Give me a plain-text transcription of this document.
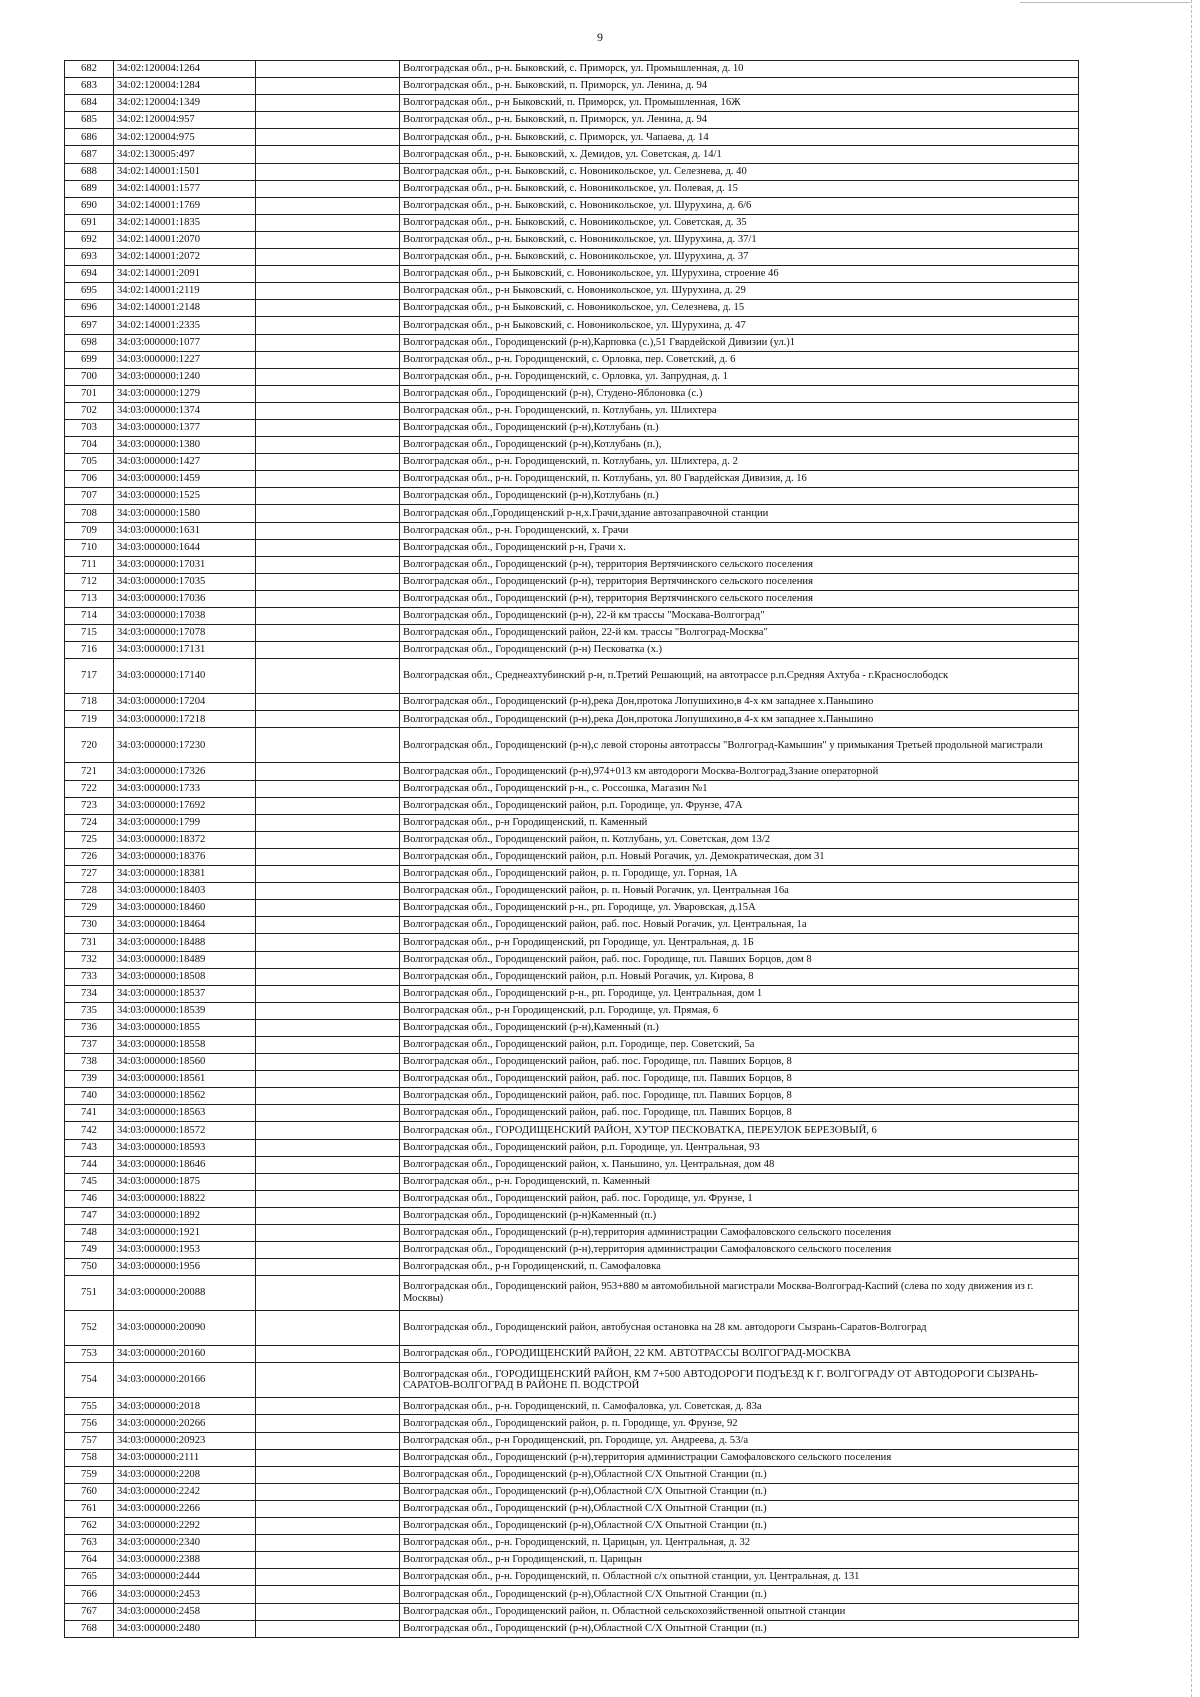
9
682	34:02:120004:1264		Волгоградская обл., р-н. Быковский, с. Приморск, ул. Промышленная, д. 10
683	34:02:120004:1284		Волгоградская обл., р-н. Быковский, п. Приморск, ул. Ленина, д. 94
684	34:02:120004:1349		Волгоградская обл., р-н Быковский, п. Приморск, ул. Промышленная, 16Ж
685	34:02:120004:957		Волгоградская обл., р-н. Быковский, п. Приморск, ул. Ленина, д. 94
686	34:02:120004:975		Волгоградская обл., р-н. Быковский, с. Приморск, ул. Чапаева, д. 14
687	34:02:130005:497		Волгоградская обл., р-н. Быковский, х. Демидов, ул. Советская, д. 14/1
688	34:02:140001:1501		Волгоградская обл., р-н. Быковский, с. Новоникольское, ул. Селезнева, д. 40
689	34:02:140001:1577		Волгоградская обл., р-н. Быковский, с. Новоникольское, ул. Полевая, д. 15
690	34:02:140001:1769		Волгоградская обл., р-н. Быковский, с. Новоникольское, ул. Шурухина, д. 6/6
691	34:02:140001:1835		Волгоградская обл., р-н. Быковский, с. Новоникольское, ул. Советская, д. 35
692	34:02:140001:2070		Волгоградская обл., р-н. Быковский, с. Новоникольское, ул. Шурухина, д. 37/1
693	34:02:140001:2072		Волгоградская обл., р-н. Быковский, с. Новоникольское, ул. Шурухина, д. 37
694	34:02:140001:2091		Волгоградская обл., р-н Быковский, с. Новоникольское, ул. Шурухина, строение 46
695	34:02:140001:2119		Волгоградская обл., р-н Быковский, с. Новоникольское, ул. Шурухина, д. 29
696	34:02:140001:2148		Волгоградская обл., р-н Быковский, с. Новоникольское, ул. Селезнева, д. 15
697	34:02:140001:2335		Волгоградская обл., р-н Быковский, с. Новоникольское, ул. Шурухина, д. 47
698	34:03:000000:1077		Волгоградская обл., Городищенский (р-н),Карповка (с.),51 Гвардейской Дивизии (ул.)1
699	34:03:000000:1227		Волгоградская обл., р-н. Городищенский, с. Орловка, пер. Советский, д. 6
700	34:03:000000:1240		Волгоградская обл., р-н. Городищенский, с. Орловка, ул. Запрудная, д. 1
701	34:03:000000:1279		Волгоградская обл., Городищенский (р-н), Студено-Яблоновка (с.)
702	34:03:000000:1374		Волгоградская обл., р-н. Городищенский, п. Котлубань, ул. Шлихтера
703	34:03:000000:1377		Волгоградская обл., Городищенский (р-н),Котлубань (п.)
704	34:03:000000:1380		Волгоградская обл., Городищенский (р-н),Котлубань (п.),
705	34:03:000000:1427		Волгоградская обл., р-н. Городищенский, п. Котлубань, ул. Шлихтера, д. 2
706	34:03:000000:1459		Волгоградская обл., р-н. Городищенский, п. Котлубань, ул. 80 Гвардейская Дивизия, д. 16
707	34:03:000000:1525		Волгоградская обл., Городищенский (р-н),Котлубань (п.)
708	34:03:000000:1580		Волгоградская обл.,Городищенский р-н,х.Грачи,здание автозаправочной станции
709	34:03:000000:1631		Волгоградская обл., р-н. Городищенский, х. Грачи
710	34:03:000000:1644		Волгоградская обл., Городищенский р-н, Грачи х.
711	34:03:000000:17031		Волгоградская обл., Городищенский (р-н), территория Вертячинского сельского поселения
712	34:03:000000:17035		Волгоградская обл., Городищенский (р-н), территория Вертячинского сельского поселения
713	34:03:000000:17036		Волгоградская обл., Городищенский (р-н), территория Вертячинского сельского поселения
714	34:03:000000:17038		Волгоградская обл., Городищенский (р-н), 22-й км трассы "Москава-Волгоград"
715	34:03:000000:17078		Волгоградская обл., Городищенский район, 22-й км. трассы "Волгоград-Москва"
716	34:03:000000:17131		Волгоградская обл., Городищенский (р-н) Песковатка (х.)
717	34:03:000000:17140		Волгоградская обл., Среднеахтубинский р-н, п.Третий Решающий, на автотрассе р.п.Средняя Ахтуба - г.Краснослободск
718	34:03:000000:17204		Волгоградская обл., Городищенский (р-н),река Дон,протока Лопушихино,в 4-х км западнее х.Паньшино
719	34:03:000000:17218		Волгоградская обл., Городищенский (р-н),река Дон,протока Лопушихино,в 4-х км западнее х.Паньшино
720	34:03:000000:17230		Волгоградская обл., Городищенский (р-н),с левой стороны автотрассы "Волгоград-Камышин" у примыкания Третьей продольной магистрали
721	34:03:000000:17326		Волгоградская обл., Городищенский (р-н),974+013 км автодороги Москва-Волгоград,Ззание операторной
722	34:03:000000:1733		Волгоградская обл., Городищенский р-н., с. Россошка, Магазин №1
723	34:03:000000:17692		Волгоградская обл., Городищенский район, р.п. Городище, ул. Фрунзе, 47А
724	34:03:000000:1799		Волгоградская обл., р-н Городищенский, п. Каменный
725	34:03:000000:18372		Волгоградская обл., Городищенский район, п. Котлубань, ул. Советская, дом 13/2
726	34:03:000000:18376		Волгоградская обл., Городищенский район, р.п. Новый Рогачик, ул. Демократическая, дом 31
727	34:03:000000:18381		Волгоградская обл., Городищенский район, р. п. Городище, ул. Горная, 1А
728	34:03:000000:18403		Волгоградская обл., Городищенский район, р. п. Новый Рогачик, ул. Центральная 16а
729	34:03:000000:18460		Волгоградская обл., Городищенский р-н., рп. Городище, ул. Уваровская, д.15А
730	34:03:000000:18464		Волгоградская обл., Городищенский район, раб. пос. Новый Рогачик, ул. Центральная, 1а
731	34:03:000000:18488		Волгоградская обл., р-н Городищенский, рп Городище, ул. Центральная, д. 1Б
732	34:03:000000:18489		Волгоградская обл., Городищенский район, раб. пос. Городище, пл. Павших Борцов, дом 8
733	34:03:000000:18508		Волгоградская обл., Городищенский район, р.п. Новый Рогачик, ул. Кирова, 8
734	34:03:000000:18537		Волгоградская обл., Городищенский р-н., рп. Городище, ул. Центральная, дом 1
735	34:03:000000:18539		Волгоградская обл., р-н Городищенский, р.п. Городище, ул. Прямая, 6
736	34:03:000000:1855		Волгоградская обл., Городищенский (р-н),Каменный (п.)
737	34:03:000000:18558		Волгоградская обл., Городищенский район, р.п. Городище, пер. Советский, 5а
738	34:03:000000:18560		Волгоградская обл., Городищенский район, раб. пос. Городище, пл. Павших Борцов, 8
739	34:03:000000:18561		Волгоградская обл., Городищенский район, раб. пос. Городище, пл. Павших Борцов, 8
740	34:03:000000:18562		Волгоградская обл., Городищенский район, раб. пос. Городище, пл. Павших Борцов, 8
741	34:03:000000:18563		Волгоградская обл., Городищенский район, раб. пос. Городище, пл. Павших Борцов, 8
742	34:03:000000:18572		Волгоградская обл., ГОРОДИЩЕНСКИЙ РАЙОН, ХУТОР ПЕСКОВАТКА, ПЕРЕУЛОК БЕРЕЗОВЫЙ, 6
743	34:03:000000:18593		Волгоградская обл., Городищенский район, р.п. Городище, ул. Центральная, 93
744	34:03:000000:18646		Волгоградская обл., Городищенский район, х. Паньшино, ул. Центральная, дом 48
745	34:03:000000:1875		Волгоградская обл., р-н. Городищенский, п. Каменный
746	34:03:000000:18822		Волгоградская обл., Городищенский район, раб. пос. Городище, ул. Фрунзе, 1
747	34:03:000000:1892		Волгоградская обл., Городищенский (р-н)Каменный (п.)
748	34:03:000000:1921		Волгоградская обл., Городищенский (р-н),территория администрации Самофаловского сельского поселения
749	34:03:000000:1953		Волгоградская обл., Городищенский (р-н),территория администрации Самофаловского сельского поселения
750	34:03:000000:1956		Волгоградская обл., р-н Городищенский, п. Самофаловка
751	34:03:000000:20088		Волгоградская обл., Городищенский район, 953+880 м автомобильной магистрали Москва-Волгоград-Каспий (слева по ходу движения из г. Москвы)
752	34:03:000000:20090		Волгоградская обл., Городищенский район, автобусная остановка на 28 км. автодороги Сызрань-Саратов-Волгоград
753	34:03:000000:20160		Волгоградская обл., ГОРОДИЩЕНСКИЙ РАЙОН, 22 КМ. АВТОТРАССЫ ВОЛГОГРАД-МОСКВА
754	34:03:000000:20166		Волгоградская обл., ГОРОДИЩЕНСКИЙ РАЙОН, КМ 7+500 АВТОДОРОГИ ПОДЪЕЗД К Г. ВОЛГОГРАДУ ОТ АВТОДОРОГИ СЫЗРАНЬ-САРАТОВ-ВОЛГОГРАД В РАЙОНЕ П. ВОДСТРОЙ
755	34:03:000000:2018		Волгоградская обл., р-н. Городищенский, п. Самофаловка, ул. Советская, д. 83а
756	34:03:000000:20266		Волгоградская обл., Городищенский район, р. п. Городище, ул. Фрунзе, 92
757	34:03:000000:20923		Волгоградская обл., р-н Городищенский, рп. Городище, ул. Андреева, д. 53/а
758	34:03:000000:2111		Волгоградская обл., Городищенский (р-н),территория администрации Самофаловского сельского поселения
759	34:03:000000:2208		Волгоградская обл., Городищенский (р-н),Областной С/Х Опытной Станции (п.)
760	34:03:000000:2242		Волгоградская обл., Городищенский (р-н),Областной С/Х Опытной Станции (п.)
761	34:03:000000:2266		Волгоградская обл., Городищенский (р-н),Областной С/Х Опытной Станции (п.)
762	34:03:000000:2292		Волгоградская обл., Городищенский (р-н),Областной С/Х Опытной Станции (п.)
763	34:03:000000:2340		Волгоградская обл., р-н. Городищенский, п. Царицын, ул. Центральная, д. 32
764	34:03:000000:2388		Волгоградская обл., р-н Городищенский, п. Царицын
765	34:03:000000:2444		Волгоградская обл., р-н. Городищенский, п. Областной с/х опытной станции, ул. Центральная, д. 131
766	34:03:000000:2453		Волгоградская обл., Городищенский (р-н),Областной С/Х Опытной Станции (п.)
767	34:03:000000:2458		Волгоградская обл., Городищенский район, п. Областной сельскохозяйственной опытной станции
768	34:03:000000:2480		Волгоградская обл., Городищенский (р-н),Областной С/Х Опытной Станции (п.)
